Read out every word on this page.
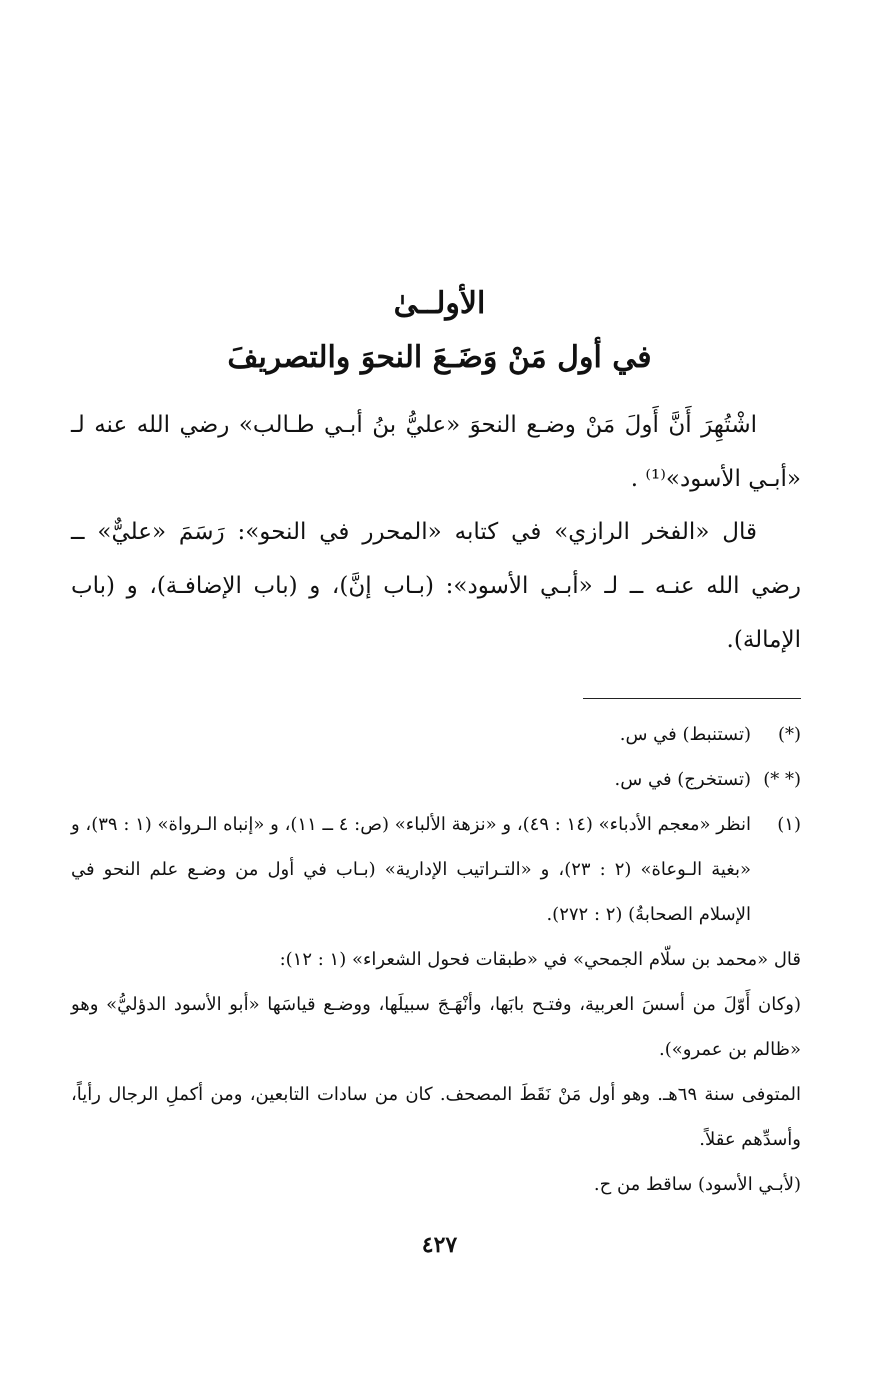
الأولــىٰ
في أول مَنْ وَضَـعَ النحوَ والتصريفَ
اشْتُهِرَ أَنَّ أَولَ مَنْ وضـع النحوَ «عليُّ بنُ أبـي طـالب» رضي الله عنه لـ «أبـي الأسود»⁽¹⁾ .
قال «الفخر الرازي» في كتابه «المحرر في النحو»: رَسَمَ «عليٌّ» ــ رضي الله عنـه ــ لـ «أبـي الأسود»: (بـاب إنَّ)، و (باب الإضافـة)، و (باب الإمالة).
(*)
(تستنبط) في س.
(* *)
(تستخرج) في س.
(١)
انظر «معجم الأدباء» (١٤ : ٤٩)، و «نزهة الألباء» (ص: ٤ ــ ١١)، و «إنباه الـرواة» (١ : ٣٩)، و «بغية الـوعاة» (٢ : ٢٣)، و «التـراتيب الإدارية» (بـاب في أول من وضـع علم النحو في الإسلام الصحابةُ) (٢ : ٢٧٢).
قال «محمد بن سلّام الجمحي» في «طبقات فحول الشعراء» (١ : ١٢):
(وكان أَوّلَ من أسسَ العربية، وفتـح بابَها، وأنْهَـجَ سبيلَها، ووضـع قياسَها «أبو الأسود الدؤليُّ» وهو «ظالم بن عمرو»).
المتوفى سنة ٦٩هـ. وهو أول مَنْ نَقَطَ المصحف. كان من سادات التابعين، ومن أكملِ الرجال رأياً، وأسدِّهم عقلاً.
(لأبـي الأسود) ساقط من ح.
٤٢٧
